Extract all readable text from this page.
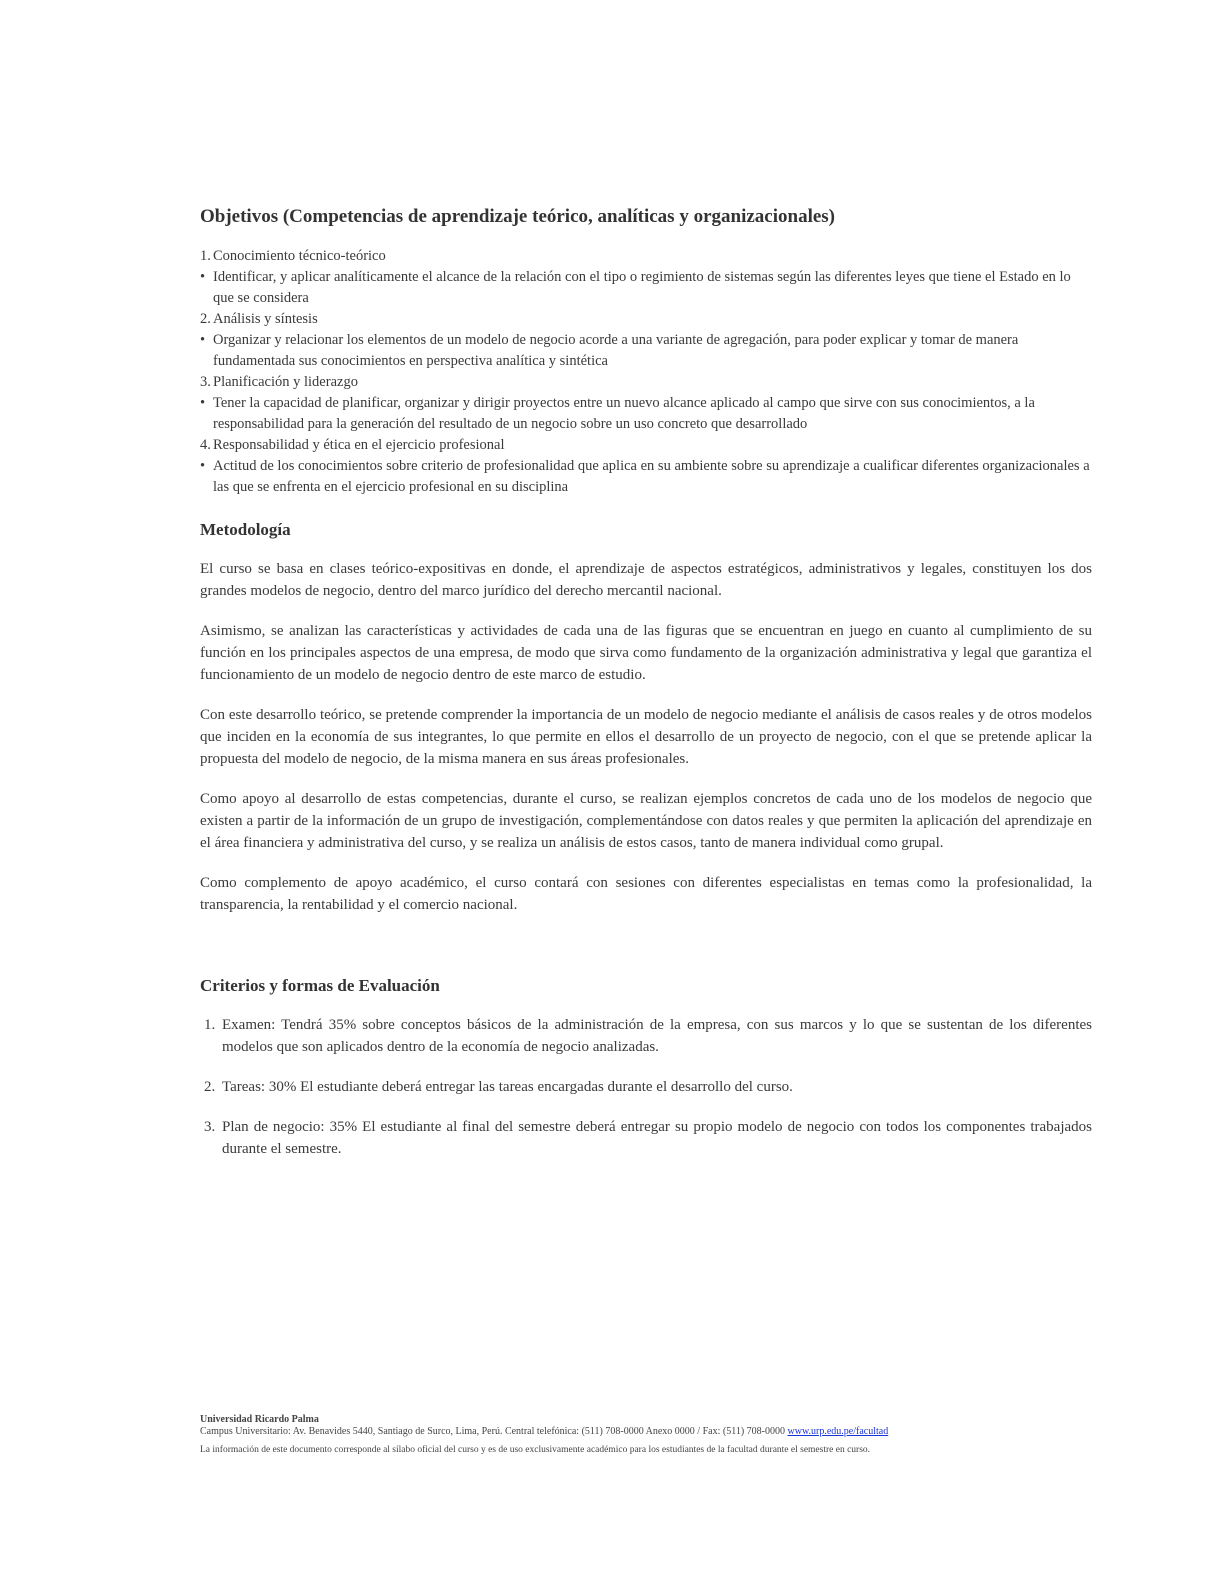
Objetivos (Competencias de aprendizaje teórico, analíticas y organizacionales)
1. Conocimiento técnico-teórico
• Identificar, y aplicar analíticamente el alcance de la relación con el tipo o regimiento de sistemas según las diferentes leyes que tiene el Estado en lo que se considera
2. Análisis y síntesis
• Organizar y relacionar los elementos de un modelo de negocio acorde a una variante de agregación, para poder explicar y tomar de manera fundamentada sus conocimientos en perspectiva analítica y sintética
3. Planificación y liderazgo
• Tener la capacidad de planificar, organizar y dirigir proyectos entre un nuevo alcance aplicado al campo que sirve con sus conocimientos, a la responsabilidad para la generación del resultado de un negocio sobre un uso concreto que desarrollado
4. Responsabilidad y ética en el ejercicio profesional
• Actitud de los conocimientos sobre criterio de profesionalidad que aplica en su ambiente sobre su aprendizaje a cualificar diferentes organizacionales a las que se enfrenta en el ejercicio profesional en su disciplina
Metodología

El curso se basa en clases teórico-expositivas en donde, el aprendizaje de aspectos estratégicos, administrativos y legales, constituyen los dos grandes modelos de negocio, dentro del marco jurídico del derecho mercantil nacional.

Asimismo, se analizan las características y actividades de cada una de las figuras que se encuentran en juego en cuanto al cumplimiento de su función en los principales aspectos de una empresa, de modo que sirva como fundamento de la organización administrativa y legal que garantiza el funcionamiento de un modelo de negocio dentro de este marco de estudio.

Con este desarrollo teórico, se pretende comprender la importancia de un modelo de negocio mediante el análisis de casos reales y de otros modelos que inciden en la economía de sus integrantes, lo que permite en ellos el desarrollo de un proyecto de negocio, con el que se pretende aplicar la propuesta del modelo de negocio, de la misma manera en sus áreas profesionales.

Como apoyo al desarrollo de estas competencias, durante el curso, se realizan ejemplos concretos de cada uno de los modelos de negocio que existen a partir de la información de un grupo de investigación, complementándose con datos reales y que permiten la aplicación del aprendizaje en el área financiera y administrativa del curso, y se realiza un análisis de estos casos, tanto de manera individual como grupal.

Como complemento de apoyo académico, el curso contará con sesiones con diferentes especialistas en temas como la profesionalidad, la transparencia, la rentabilidad y el comercio nacional.

Criterios y formas de Evaluación
1. Examen: Tendrá 35% sobre conceptos básicos de la administración de la empresa, con sus marcos y lo que se sustentan de los diferentes modelos que son aplicados dentro de la economía de negocio analizadas.
2. Tareas: 30% El estudiante deberá entregar las tareas encargadas durante el desarrollo del curso.
3. Plan de negocio: 35% El estudiante al final del semestre deberá entregar su propio modelo de negocio con todos los componentes trabajados durante el semestre.
Universidad Ricardo Palma
Campus Universitario: Av. Benavides 5440, Santiago de Surco, Lima, Perú. Central telefónica: (511) 708-0000 Anexo 0000 / Fax: (511) 708-0000 www.urp.edu.pe/facultad
La información de este documento corresponde al sílabo oficial del curso y es de uso exclusivamente académico para los estudiantes de la facultad durante el semestre en curso.
